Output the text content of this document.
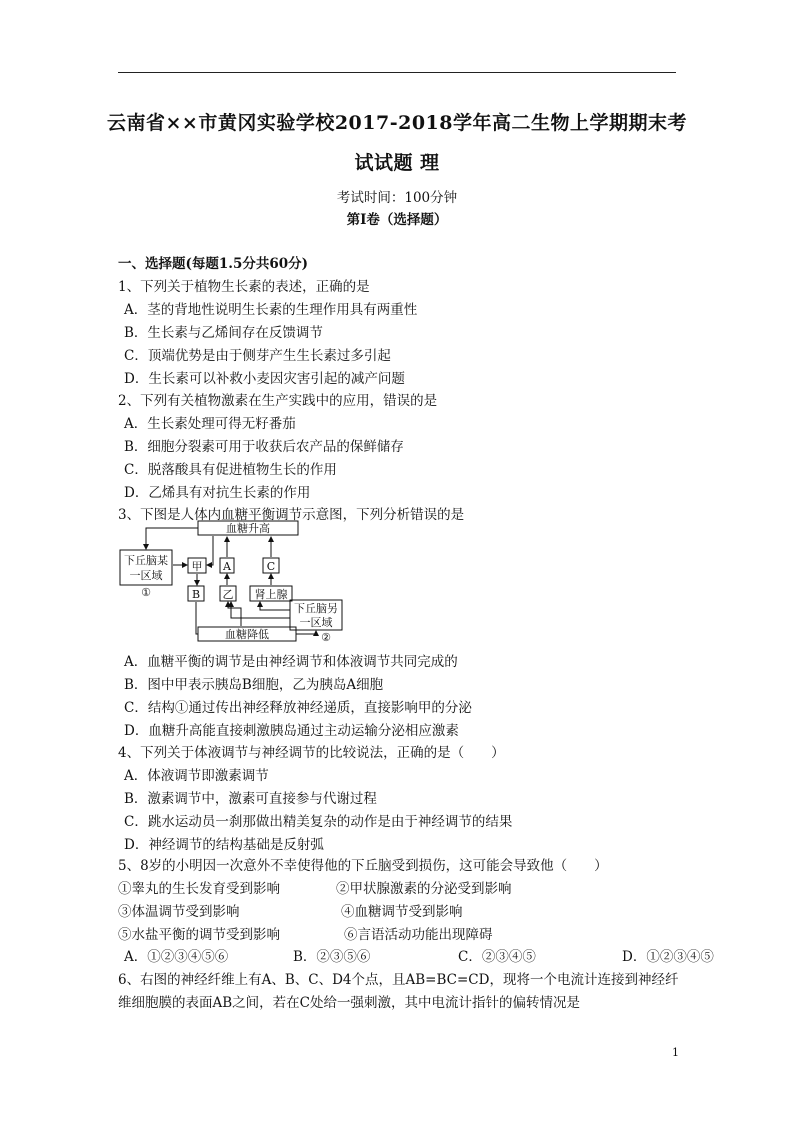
云南省××市黄冈实验学校2017-2018学年高二生物上学期期末考
试试题 理
考试时间：100分钟
第I卷（选择题）
一、选择题(每题1.5分共60分)
1、下列关于植物生长素的表述，正确的是
A．茎的背地性说明生长素的生理作用具有两重性
B．生长素与乙烯间存在反馈调节
C．顶端优势是由于侧芽产生生长素过多引起
D．生长素可以补救小麦因灾害引起的减产问题
2、下列有关植物激素在生产实践中的应用，错误的是
A．生长素处理可得无籽番茄
B．细胞分裂素可用于收获后农产品的保鲜储存
C．脱落酸具有促进植物生长的作用
D．乙烯具有对抗生长素的作用
3、下图是人体内血糖平衡调节示意图，下列分析错误的是
血糖升高
下丘脑某
一区域
①
甲 A	C
B 乙 肾上腺
下丘脑另
一区域
②
血糖降低
A．血糖平衡的调节是由神经调节和体液调节共同完成的
B．图中甲表示胰岛B细胞，乙为胰岛A细胞
C．结构①通过传出神经释放神经递质，直接影响甲的分泌
D．血糖升高能直接刺激胰岛通过主动运输分泌相应激素
4、下列关于体液调节与神经调节的比较说法，正确的是（　　）
A．体液调节即激素调节
B．激素调节中，激素可直接参与代谢过程
C．跳水运动员一刹那做出精美复杂的动作是由于神经调节的结果
D．神经调节的结构基础是反射弧
5、8岁的小明因一次意外不幸使得他的下丘脑受到损伤，这可能会导致他（　　）
①睾丸的生长发育受到影响	②甲状腺激素的分泌受到影响
③体温调节受到影响	④血糖调节受到影响
⑤水盐平衡的调节受到影响	⑥言语活动功能出现障碍
A．①②③④⑤⑥	B．②③⑤⑥	C．②③④⑤	D．①②③④⑤
6、右图的神经纤维上有A、B、C、D4个点，且AB=BC=CD，现将一个电流计连接到神经纤
维细胞膜的表面AB之间，若在C处给一强刺激，其中电流计指针的偏转情况是
1
